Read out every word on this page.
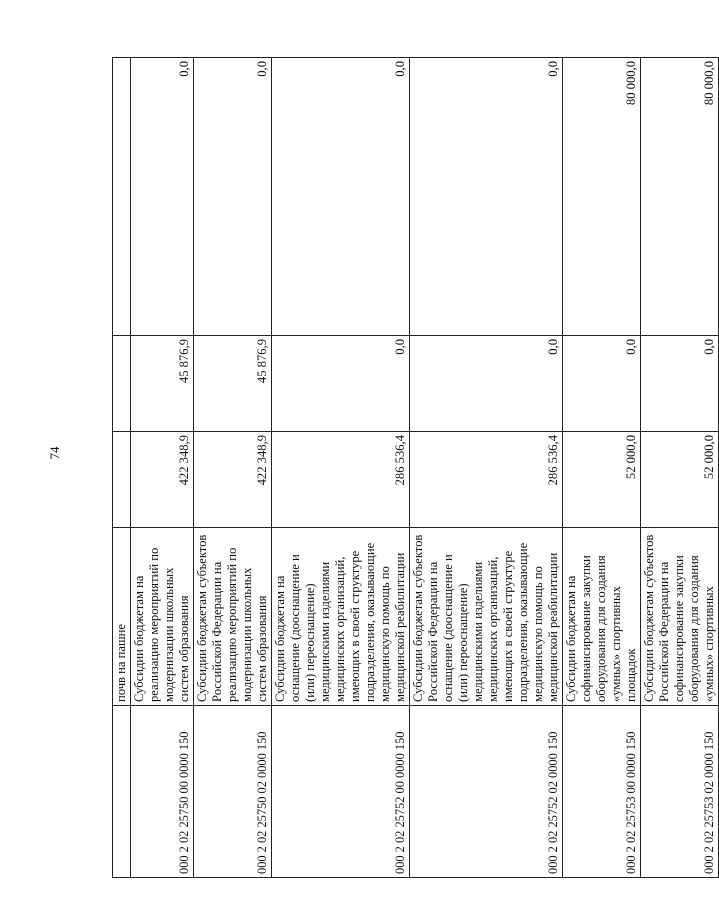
74
	почв на пашне			
000 2 02 25750 00 0000 150	Субсидии бюджетам на реализацию мероприятий по модернизации школьных систем образования	422 348,9	45 876,9	0,0
000 2 02 25750 02 0000 150	Субсидии бюджетам субъектов Российской Федерации на реализацию мероприятий по модернизации школьных систем образования	422 348,9	45 876,9	0,0
000 2 02 25752 00 0000 150	Субсидии бюджетам на оснащение (дооснащение и (или) переоснащение) медицинскими изделиями медицинских организаций, имеющих в своей структуре подразделения, оказывающие медицинскую помощь по медицинской реабилитации	286 536,4	0,0	0,0
000 2 02 25752 02 0000 150	Субсидии бюджетам субъектов Российской Федерации на оснащение (дооснащение и (или) переоснащение) медицинскими изделиями медицинских организаций, имеющих в своей структуре подразделения, оказывающие медицинскую помощь по медицинской реабилитации	286 536,4	0,0	0,0
000 2 02 25753 00 0000 150	Субсидии бюджетам на софинансирование закупки оборудования для создания «умных» спортивных площадок	52 000,0	0,0	80 000,0
000 2 02 25753 02 0000 150	Субсидии бюджетам субъектов Российской Федерации на софинансирование закупки оборудования для создания «умных» спортивных	52 000,0	0,0	80 000,0
